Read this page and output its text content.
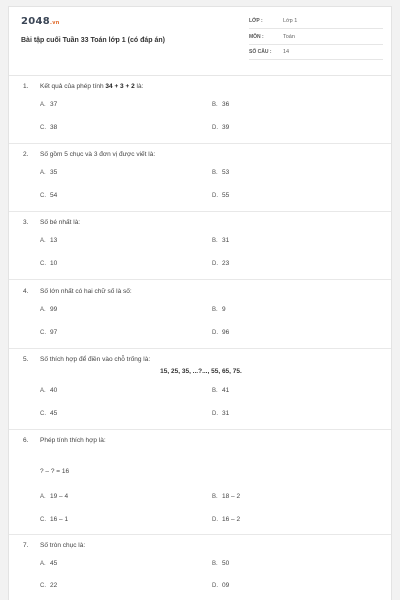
2048.vn
Bài tập cuối Tuần 33 Toán lớp 1 (có đáp án)
LỚP :	Lớp 1
MÔN :	Toán
SỐ CÂU : 14
1. Kết quả của phép tính 34 + 3 + 2 là:
A. 37	B. 36
C. 38	D. 39
2. Số gồm 5 chục và 3 đơn vị được viết là:
A. 35	B. 53
C. 54	D. 55
3. Số bé nhất là:
A. 13	B. 31
C. 10	D. 23
4. Số lớn nhất có hai chữ số là số:
A. 99	B. 9
C. 97	D. 96
5. Số thích hợp để điền vào chỗ trống là:
15, 25, 35, ...?..., 55, 65, 75.
A. 40	B. 41
C. 45	D. 31
6. Phép tính thích hợp là:
? – ? = 16
A. 19 – 4	B. 18 – 2
C. 16 – 1	D. 16 – 2
7. Số tròn chục là:
A. 45	B. 50
C. 22	D. 09
